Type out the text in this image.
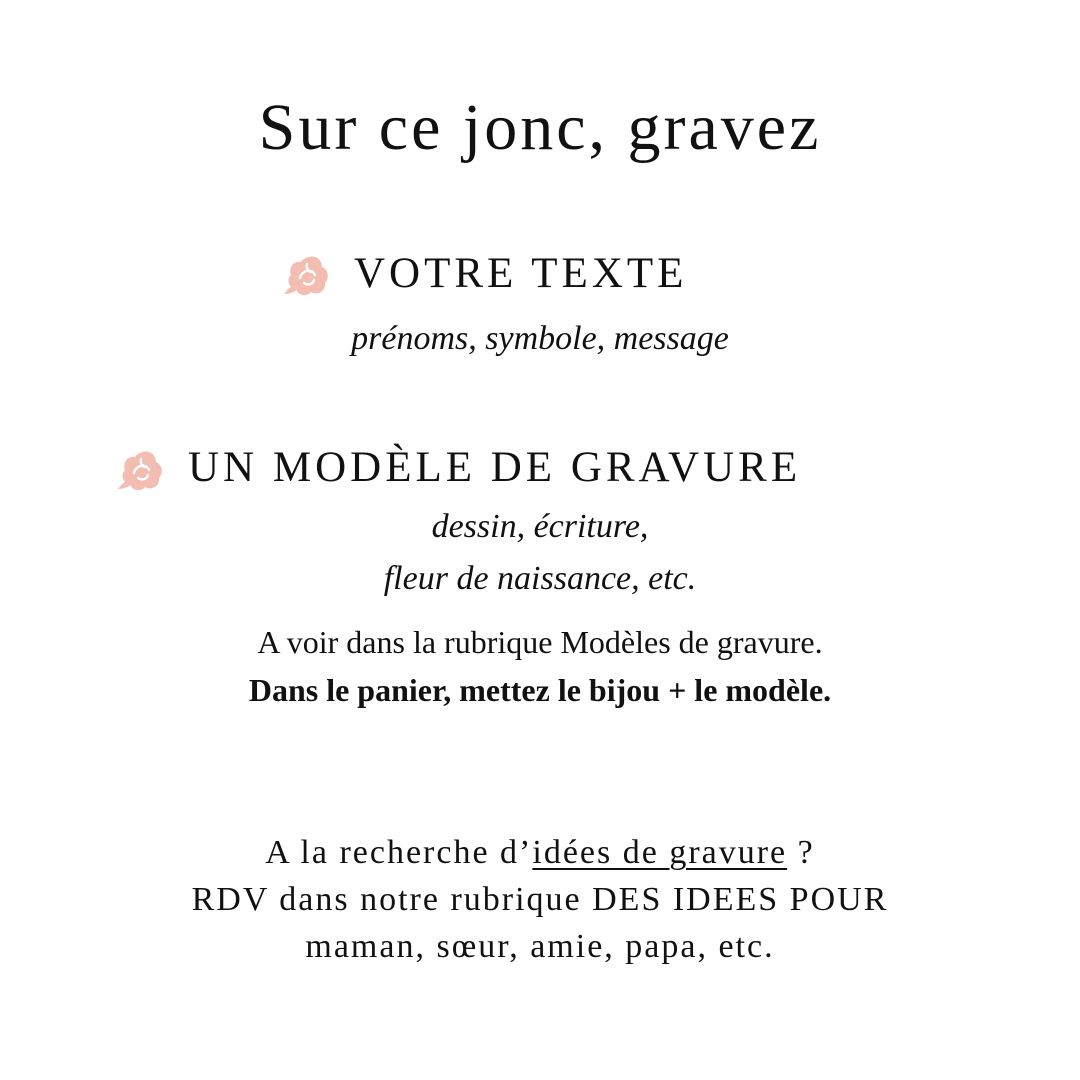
Sur ce jonc, gravez
VOTRE TEXTE
prénoms, symbole, message
UN MODÈLE DE GRAVURE
dessin, écriture,
fleur de naissance, etc.
A voir dans la rubrique Modèles de gravure.
Dans le panier, mettez le bijou + le modèle.
A la recherche d’idées de gravure ?
RDV dans notre rubrique DES IDEES POUR
maman, sœur, amie, papa, etc.
